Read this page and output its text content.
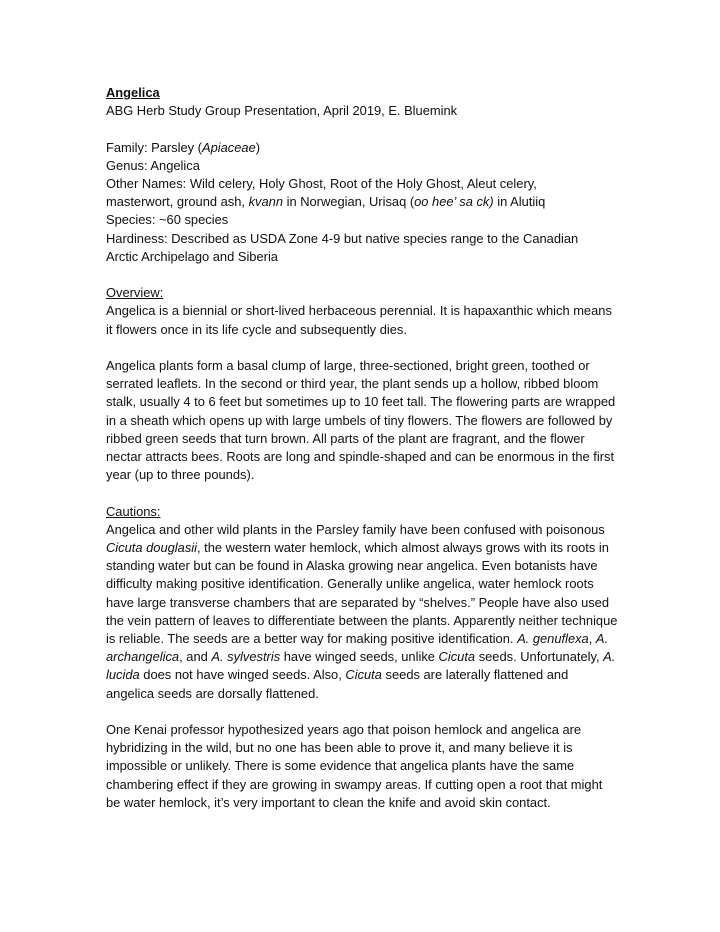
Angelica
ABG Herb Study Group Presentation, April 2019, E. Bluemink
Family: Parsley (Apiaceae)
Genus: Angelica
Other Names: Wild celery, Holy Ghost, Root of the Holy Ghost, Aleut celery,
masterwort, ground ash, kvann in Norwegian, Urisaq (oo hee’ sa ck) in Alutiiq
Species: ~60 species
Hardiness: Described as USDA Zone 4-9 but native species range to the Canadian
Arctic Archipelago and Siberia
Overview:
Angelica is a biennial or short-lived herbaceous perennial. It is hapaxanthic which means it flowers once in its life cycle and subsequently dies.
Angelica plants form a basal clump of large, three-sectioned, bright green, toothed or serrated leaflets. In the second or third year, the plant sends up a hollow, ribbed bloom stalk, usually 4 to 6 feet but sometimes up to 10 feet tall. The flowering parts are wrapped in a sheath which opens up with large umbels of tiny flowers. The flowers are followed by ribbed green seeds that turn brown. All parts of the plant are fragrant, and the flower nectar attracts bees. Roots are long and spindle-shaped and can be enormous in the first year (up to three pounds).
Cautions:
Angelica and other wild plants in the Parsley family have been confused with poisonous Cicuta douglasii, the western water hemlock, which almost always grows with its roots in standing water but can be found in Alaska growing near angelica. Even botanists have difficulty making positive identification. Generally unlike angelica, water hemlock roots have large transverse chambers that are separated by “shelves.” People have also used the vein pattern of leaves to differentiate between the plants. Apparently neither technique is reliable. The seeds are a better way for making positive identification. A. genuflexa, A. archangelica, and A. sylvestris have winged seeds, unlike Cicuta seeds. Unfortunately, A. lucida does not have winged seeds. Also, Cicuta seeds are laterally flattened and angelica seeds are dorsally flattened.
One Kenai professor hypothesized years ago that poison hemlock and angelica are hybridizing in the wild, but no one has been able to prove it, and many believe it is impossible or unlikely. There is some evidence that angelica plants have the same chambering effect if they are growing in swampy areas. If cutting open a root that might be water hemlock, it’s very important to clean the knife and avoid skin contact.
